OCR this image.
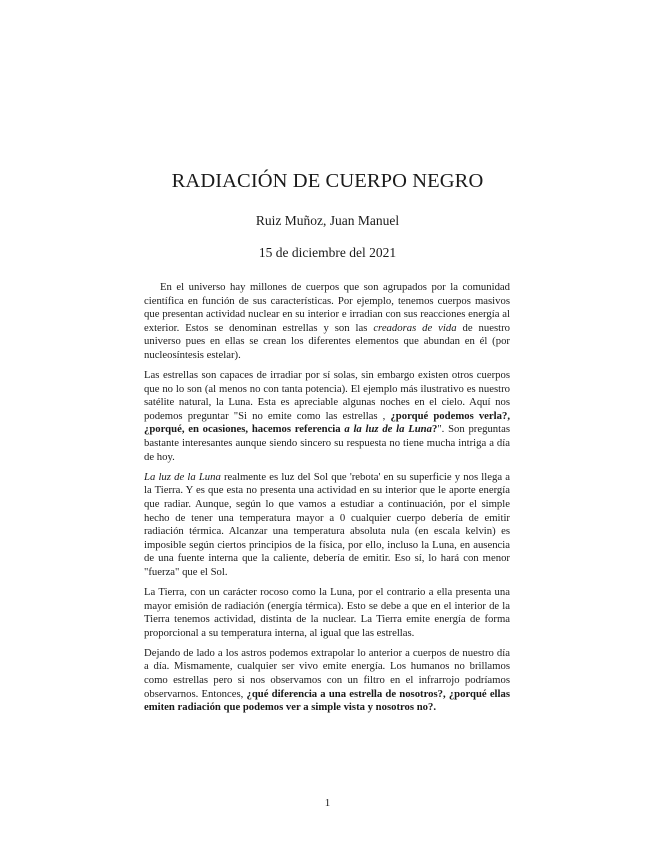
RADIACIÓN DE CUERPO NEGRO
Ruiz Muñoz, Juan Manuel
15 de diciembre del 2021

En el universo hay millones de cuerpos que son agrupados por la comunidad científica en función de sus características. Por ejemplo, tenemos cuerpos masivos que presentan actividad nuclear en su interior e irradian con sus reacciones energía al exterior. Estos se denominan estrellas y son las creadoras de vida de nuestro universo pues en ellas se crean los diferentes elementos que abundan en él (por nucleosíntesis estelar).

Las estrellas son capaces de irradiar por sí solas, sin embargo existen otros cuerpos que no lo son (al menos no con tanta potencia). El ejemplo más ilustrativo es nuestro satélite natural, la Luna. Esta es apreciable algunas noches en el cielo. Aquí nos podemos preguntar "Si no emite como las estrellas , ¿porqué podemos verla?, ¿porqué, en ocasiones, hacemos referencia a la luz de la Luna?". Son preguntas bastante interesantes aunque siendo sincero su respuesta no tiene mucha intriga a día de hoy.

La luz de la Luna realmente es luz del Sol que 'rebota' en su superficie y nos llega a la Tierra. Y es que esta no presenta una actividad en su interior que le aporte energía que radiar. Aunque, según lo que vamos a estudiar a continuación, por el simple hecho de tener una temperatura mayor a 0 cualquier cuerpo debería de emitir radiación térmica. Alcanzar una temperatura absoluta nula (en escala kelvin) es imposible según ciertos principios de la física, por ello, incluso la Luna, en ausencia de una fuente interna que la caliente, debería de emitir. Eso sí, lo hará con menor "fuerza" que el Sol.

La Tierra, con un carácter rocoso como la Luna, por el contrario a ella presenta una mayor emisión de radiación (energía térmica). Esto se debe a que en el interior de la Tierra tenemos actividad, distinta de la nuclear. La Tierra emite energía de forma proporcional a su temperatura interna, al igual que las estrellas.

Dejando de lado a los astros podemos extrapolar lo anterior a cuerpos de nuestro día a día. Mismamente, cualquier ser vivo emite energía. Los humanos no brillamos como estrellas pero si nos observamos con un filtro en el infrarrojo podríamos observarnos. Entonces, ¿qué diferencia a una estrella de nosotros?, ¿porqué ellas emiten radiación que podemos ver a simple vista y nosotros no?.

1
